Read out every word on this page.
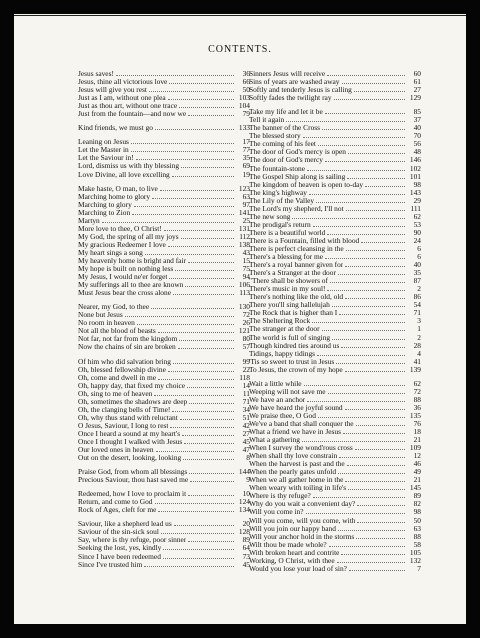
CONTENTS.
Jesus saves!	36
Jesus, thine all victorious love	66
Jesus will give you rest	50
Just as I am, without one plea	103
Just as thou art, without one trace	104
Just from the fountain—and now we	79
Kind friends, we must go	133
Leaning on Jesus	17
Let the Master in	77
Let the Saviour in!	35
Lord, dismiss us with thy blessing	69
Love Divine, all love excelling	19
Make haste, O man, to live	123
Marching home to glory	63
Marching to glory	97
Marching to Zion	141
Martyn	25
More love to thee, O Christ!	131
My God, the spring of all my joys	112
My gracious Redeemer I love	138
My heart sings a song	43
My heavenly home is bright and fair	15
My hope is built on nothing less	75
My Jesus, I would ne'er forget	94
My sufferings all to thee are known	106
Must Jesus bear the cross alone	113
Nearer, my God, to thee	130
None but Jesus	72
No room in heaven	26
Not all the blood of beasts	121
Not far, not far from the kingdom	80
Now the chains of sin are broken	57
Of him who did salvation bring	99
Oh, blessed fellowship divine	22
Oh, come and dwell in me	118
Oh, happy day, that fixed my choice	14
Oh, sing to me of heaven	11
Oh, sometimes the shadows are deep	71
Oh, the clanging bells of Time!	34
Oh, why thus stand with reluctant	51
O Jesus, Saviour, I long to rest	42
Once I heard a sound at my heart's	27
Once I thought I walked with Jesus	45
Our loved ones in heaven	47
Out on the desert, looking, looking	8
Praise God, from whom all blessings	144
Precious Saviour, thou hast saved me	9
Redeemed, how I love to proclaim it	10
Return, and come to God	124
Rock of Ages, cleft for me	134
Saviour, like a shepherd lead us	20
Saviour of the sin-sick soul	128
Say, where is thy refuge, poor sinner	89
Seeking the lost, yes, kindly	64
Since I have been redeemed	73
Since I've trusted him	45
Sinners Jesus will receive	60
Sins of years are washed away	61
Softly and tenderly Jesus is calling	27
Softly fades the twilight ray	129
Take my life and let it be	85
Tell it again	37
The banner of the Cross	40
The blessed story	70
The coming of his feet	56
The door of God's mercy is open	48
The door of God's mercy	146
The fountain-stone	102
The Gospel Ship along is sailing	101
The kingdom of heaven is open to-day	98
The king's highway	143
The Lily of the Valley	29
The Lord's my shepherd, I'll not	111
The new song	62
The prodigal's return	53
There is a beautiful world	90
There is a Fountain, filled with blood	24
There is perfect cleansing in the	6
There's a blessing for me	6
There's a royal banner given for	40
There's a Stranger at the door	35
"There shall be showers of	87
There's music in my soul!	2
There's nothing like the old, old	86
There you'll sing hallelujah	54
The Rock that is higher than I	71
The Sheltering Rock	3
The stranger at the door	1
The world is full of singing	2
Though kindred ties around us	28
Tidings, happy tidings	4
'Tis so sweet to trust in Jesus	41
To Jesus, the crown of my hope	139
Wait a little while	62
Weeping will not save me	72
We have an anchor	88
We have heard the joyful sound	36
We praise thee, O God	135
We've a band that shall conquer the	76
What a friend we have in Jesus	18
What a gathering	21
When I survey the wond'rous cross	109
When shall thy love constrain	12
When the harvest is past and the	46
When the pearly gates unfold	49
When we all gather home in the	21
When weary with toiling in life's	145
Where is thy refuge?	89
Why do you wait a convenient day?	82
Will you come in?	98
Will you come, will you come, with	50
Will you join our happy band	63
Will your anchor hold in the storms	88
Wilt thou be made whole?	58
With broken heart and contrite	105
Working, O Christ, with thee	132
Would you lose your load of sin?	7
